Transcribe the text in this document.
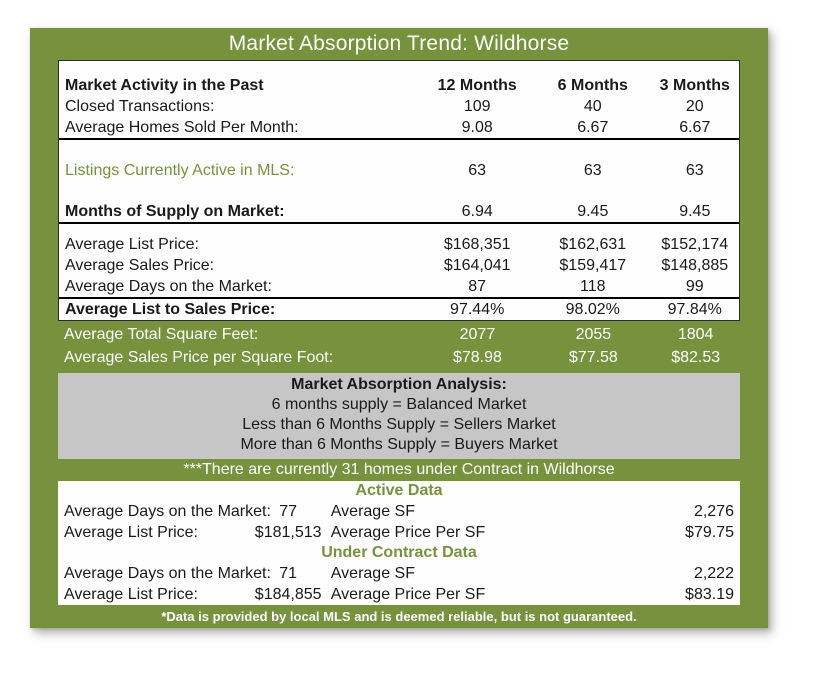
Market Absorption Trend: Wildhorse
Market Activity in the Past	12 Months	6 Months	3 Months
Closed Transactions:	109	40	20
Average Homes Sold Per Month:	9.08	6.67	6.67
Listings Currently Active in MLS:	63	63	63
Months of Supply on Market:	6.94	9.45	9.45
Average List Price:	$168,351	$162,631	$152,174
Average Sales Price:	$164,041	$159,417	$148,885
Average Days on the Market:	87	118	99
Average List to Sales Price:	97.44%	98.02%	97.84%
Average Total Square Feet:	2077	2055	1804
Average Sales Price per Square Foot:	$78.98	$77.58	$82.53
Market Absorption Analysis:
6 months supply = Balanced Market
Less than 6 Months Supply = Sellers Market
More than 6 Months Supply = Buyers Market
***There are currently 31 homes under Contract in Wildhorse
Active Data
Average Days on the Market: 77	Average SF	2,276
Average List Price:	$181,513 Average Price Per SF	$79.75
Under Contract Data
Average Days on the Market: 71	Average SF	2,222
Average List Price:	$184,855 Average Price Per SF	$83.19
*Data is provided by local MLS and is deemed reliable, but is not guaranteed.
